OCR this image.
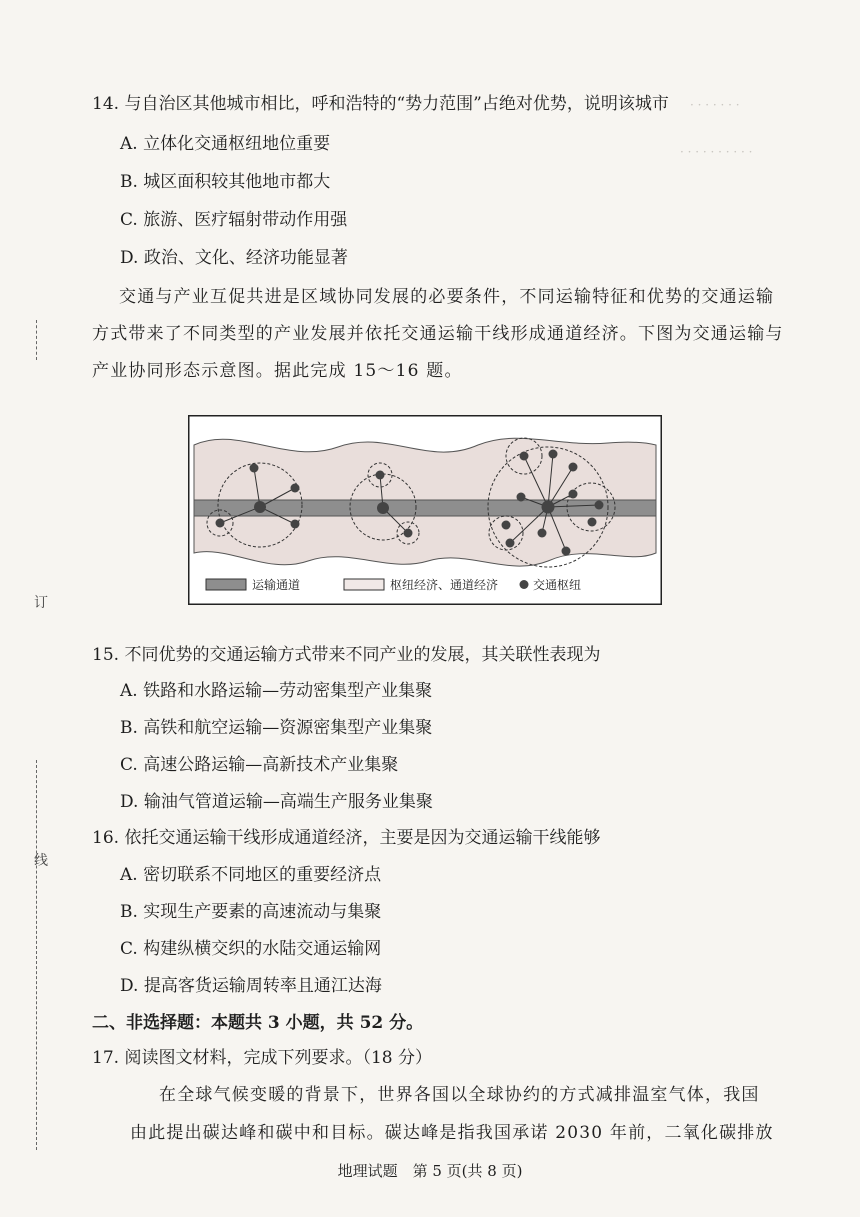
订
线
· · · · · · ·
· · · · · · · · · ·
14. 与自治区其他城市相比，呼和浩特的“势力范围”占绝对优势，说明该城市
A. 立体化交通枢纽地位重要
B. 城区面积较其他地市都大
C. 旅游、医疗辐射带动作用强
D. 政治、文化、经济功能显著
交通与产业互促共进是区域协同发展的必要条件，不同运输特征和优势的交通运输
方式带来了不同类型的产业发展并依托交通运输干线形成通道经济。下图为交通运输与
产业协同形态示意图。据此完成 15～16 题。
运输通道	枢纽经济、通道经济	交通枢纽
15. 不同优势的交通运输方式带来不同产业的发展，其关联性表现为
A. 铁路和水路运输—劳动密集型产业集聚
B. 高铁和航空运输—资源密集型产业集聚
C. 高速公路运输—高新技术产业集聚
D. 输油气管道运输—高端生产服务业集聚
16. 依托交通运输干线形成通道经济，主要是因为交通运输干线能够
A. 密切联系不同地区的重要经济点
B. 实现生产要素的高速流动与集聚
C. 构建纵横交织的水陆交通运输网
D. 提高客货运输周转率且通江达海
二、非选择题：本题共 3 小题，共 52 分。
17. 阅读图文材料，完成下列要求。（18 分）
在全球气候变暖的背景下，世界各国以全球协约的方式减排温室气体，我国
由此提出碳达峰和碳中和目标。碳达峰是指我国承诺 2030 年前，二氧化碳排放
地理试题　第 5 页(共 8 页)
